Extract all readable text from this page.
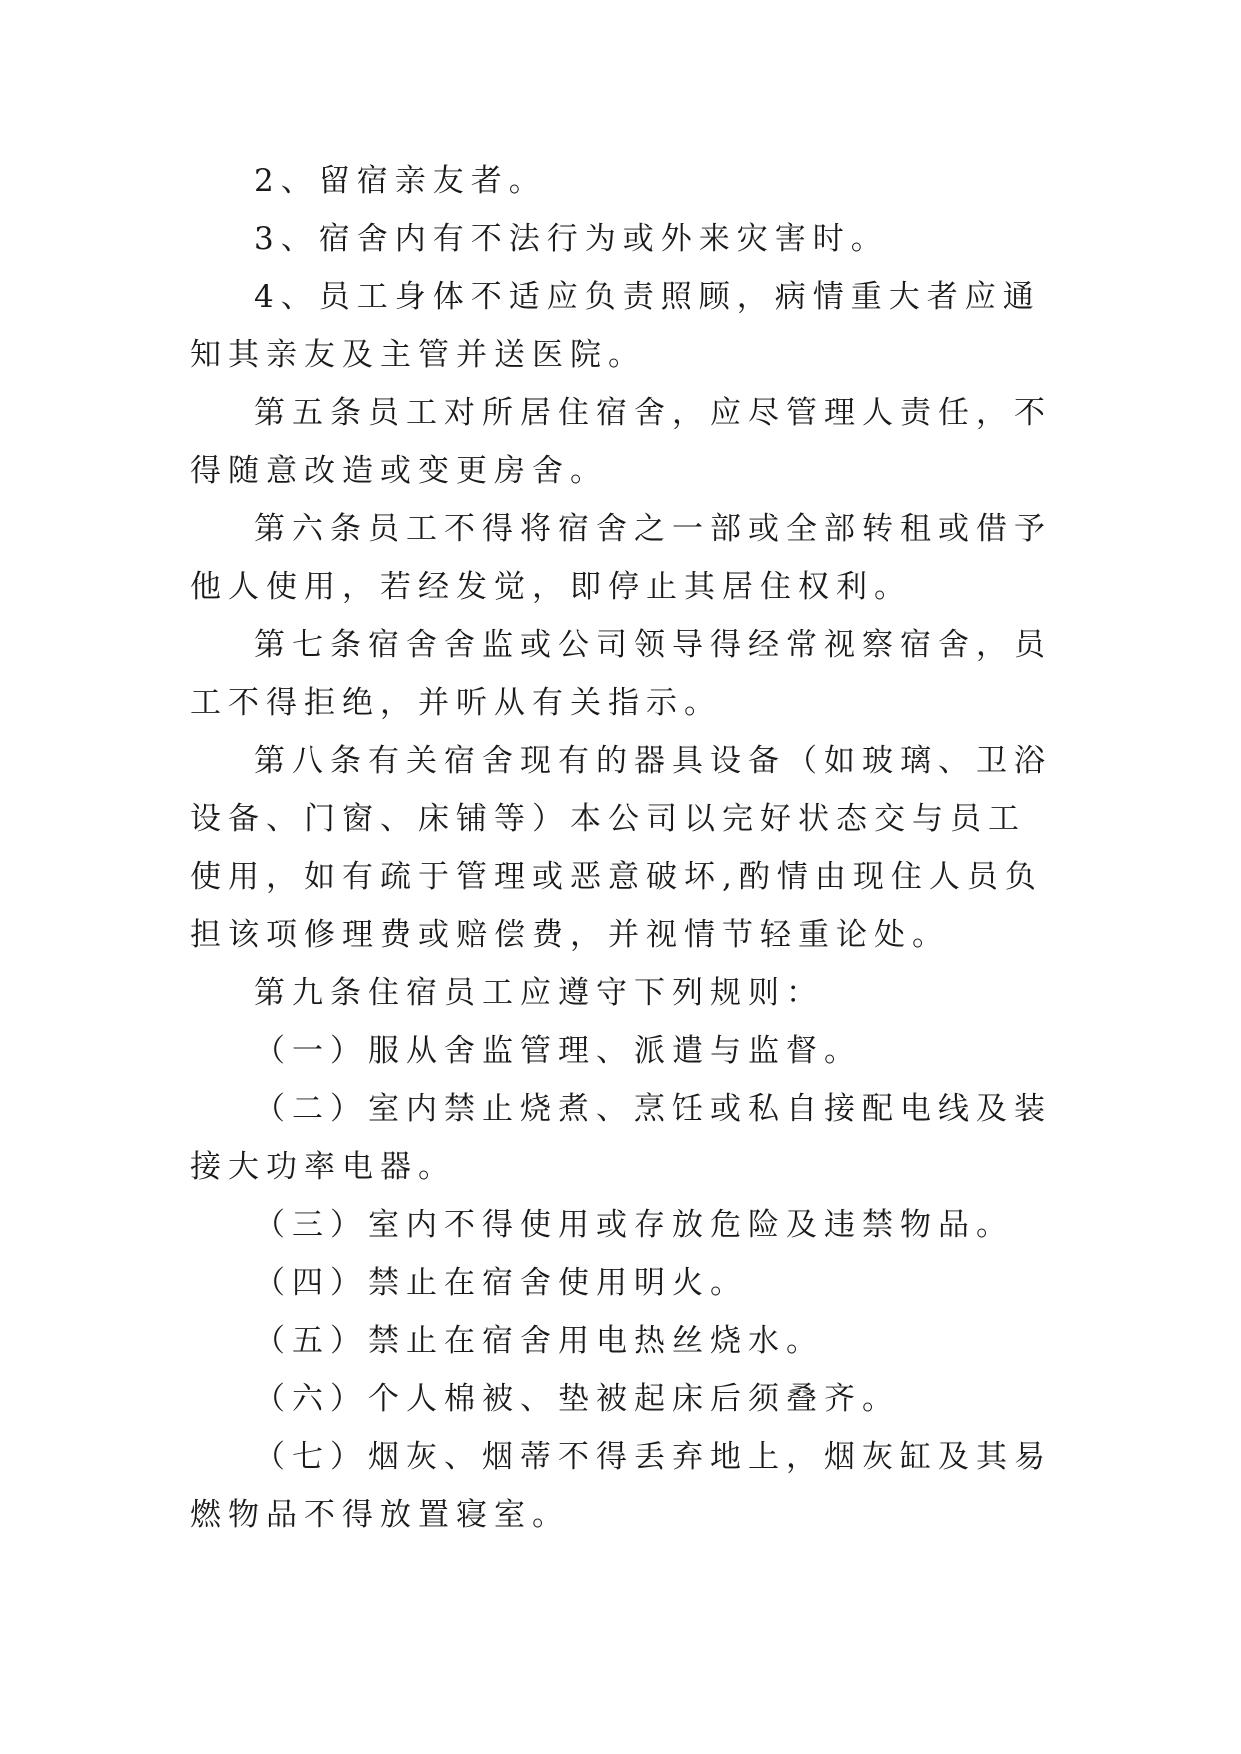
2、留宿亲友者。

3、宿舍内有不法行为或外来灾害时。

4、员工身体不适应负责照顾，病情重大者应通知其亲友及主管并送医院。

第五条员工对所居住宿舍，应尽管理人责任，不得随意改造或变更房舍。

第六条员工不得将宿舍之一部或全部转租或借予他人使用，若经发觉，即停止其居住权利。

第七条宿舍舍监或公司领导得经常视察宿舍，员工不得拒绝，并听从有关指示。

第八条有关宿舍现有的器具设备（如玻璃、卫浴设备、门窗、床铺等）本公司以完好状态交与员工使用，如有疏于管理或恶意破坏,酌情由现住人员负担该项修理费或赔偿费，并视情节轻重论处。

第九条住宿员工应遵守下列规则：

（一）服从舍监管理、派遣与监督。

（二）室内禁止烧煮、烹饪或私自接配电线及装接大功率电器。

（三）室内不得使用或存放危险及违禁物品。

（四）禁止在宿舍使用明火。

（五）禁止在宿舍用电热丝烧水。

（六）个人棉被、垫被起床后须叠齐。

（七）烟灰、烟蒂不得丢弃地上，烟灰缸及其易燃物品不得放置寝室。
